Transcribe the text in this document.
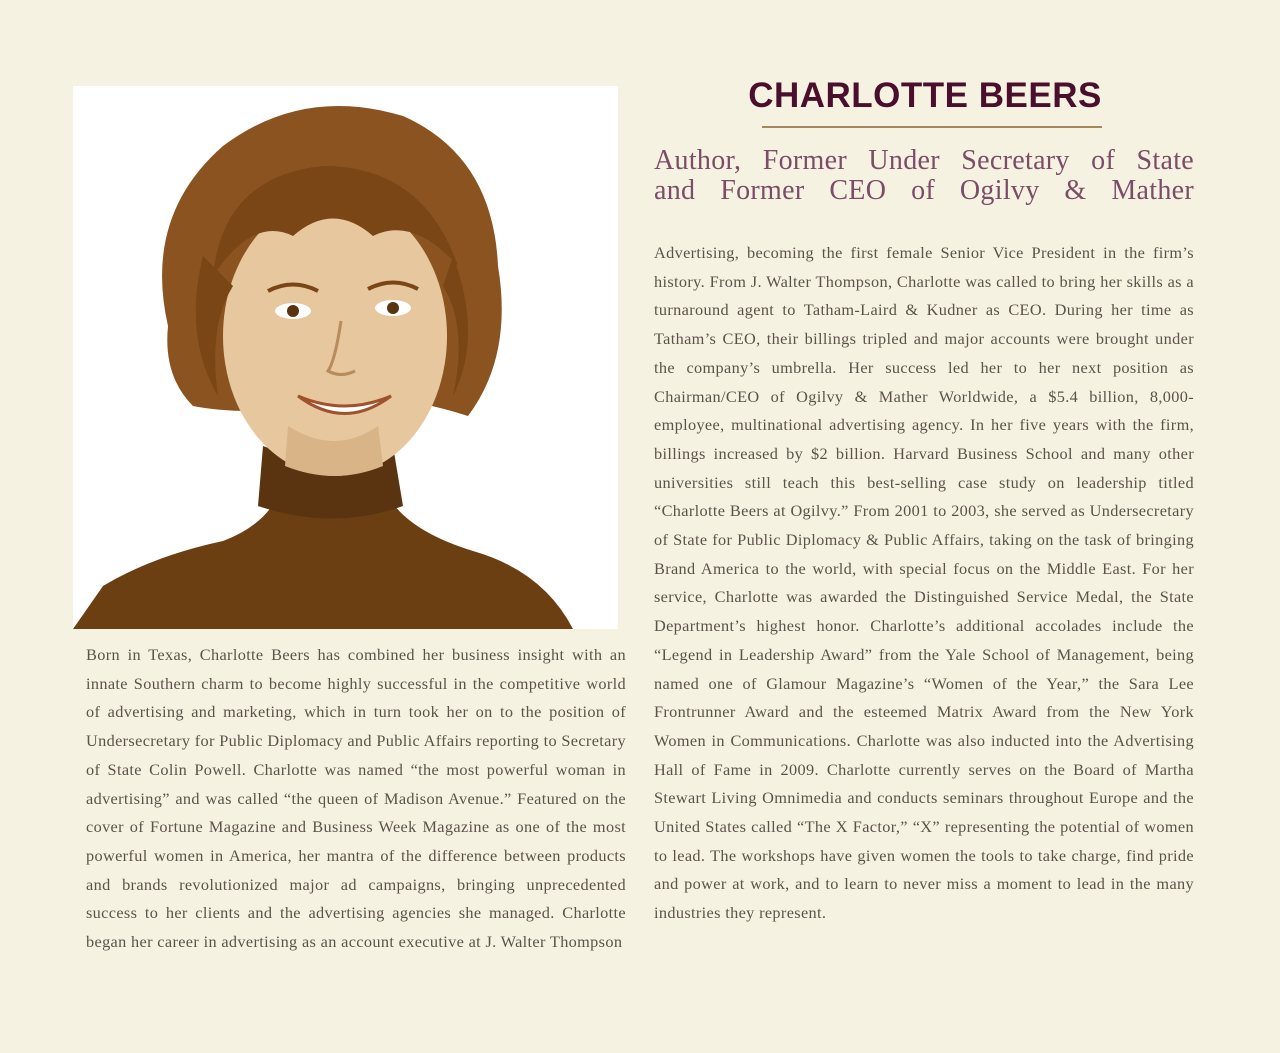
CHARLOTTE BEERS
Author, Former Under Secretary of State
and Former CEO of Ogilvy & Mather

Born in Texas, Charlotte Beers has combined her business insight with an innate Southern charm to become highly successful in the competitive world of advertising and marketing, which in turn took her on to the position of Undersecretary for Public Diplomacy and Public Affairs reporting to Secretary of State Colin Powell. Charlotte was named “the most powerful woman in advertising” and was called “the queen of Madison Avenue.” Featured on the cover of Fortune Magazine and Business Week Magazine as one of the most powerful women in America, her mantra of the difference between products and brands revolutionized major ad campaigns, bringing unprecedented success to her clients and the advertising agencies she managed. Charlotte began her career in advertising as an account executive at J. Walter Thompson

Advertising, becoming the first female Senior Vice President in the firm’s history. From J. Walter Thompson, Charlotte was called to bring her skills as a turnaround agent to Tatham-Laird & Kudner as CEO. During her time as Tatham’s CEO, their billings tripled and major accounts were brought under the company’s umbrella. Her success led her to her next position as Chairman/CEO of Ogilvy & Mather Worldwide, a $5.4 billion, 8,000-employee, multinational advertising agency. In her five years with the firm, billings increased by $2 billion. Harvard Business School and many other universities still teach this best-selling case study on leadership titled “Charlotte Beers at Ogilvy.” From 2001 to 2003, she served as Undersecretary of State for Public Diplomacy & Public Affairs, taking on the task of bringing Brand America to the world, with special focus on the Middle East. For her service, Charlotte was awarded the Distinguished Service Medal, the State Department’s highest honor. Charlotte’s additional accolades include the “Legend in Leadership Award” from the Yale School of Management, being named one of Glamour Magazine’s “Women of the Year,” the Sara Lee Frontrunner Award and the esteemed Matrix Award from the New York Women in Communications. Charlotte was also inducted into the Advertising Hall of Fame in 2009. Charlotte currently serves on the Board of Martha Stewart Living Omnimedia and conducts seminars throughout Europe and the United States called “The X Factor,” “X” representing the potential of women to lead. The workshops have given women the tools to take charge, find pride and power at work, and to learn to never miss a moment to lead in the many industries they represent.
